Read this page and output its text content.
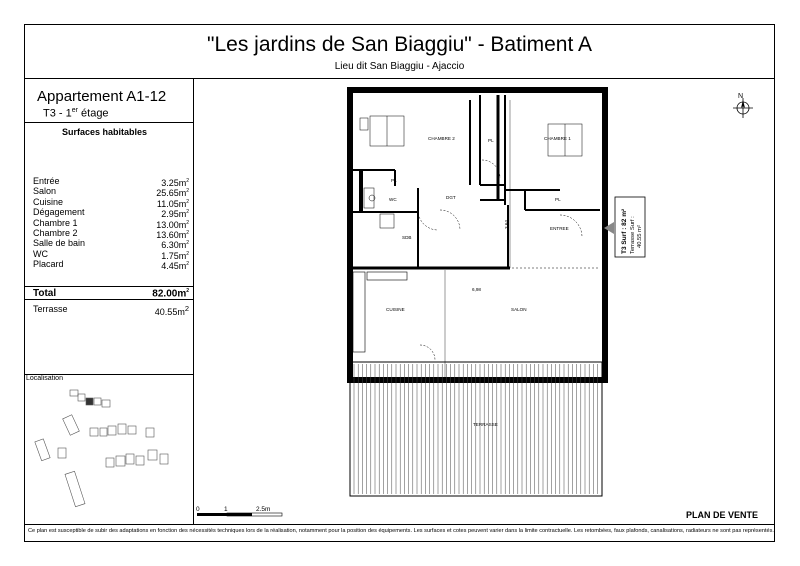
"Les jardins de San Biaggiu" - Batiment A
Lieu dit San Biaggiu - Ajaccio
Appartement A1-12
T3 - 1er étage
Surfaces habitables
Entrée	$3.25m^2$
Salon	$25.65m^2$
Cuisine	$11.05m^2$
Dégagement	$2.95m^2$
Chambre 1	$13.00m^2$
Chambre 2	$13.60m^2$
Salle de bain	$6.30m^2$
WC	$1.75m^2$
Placard	$4.45m^2$
Total	$82.00m^2$
Terrasse	$40.55m^2$
Localisation
CHAMBRE 2	CHAMBRE 1
PL
PL
PL
WC	DGT
SDB
ENTREE
CUISINE	SALON
TERRASSE
6,98
3,64	T3 Surf : 82 m² Terrasse Surf : 40.55 m²
N
0	1	2.5m
PLAN DE VENTE
Ce plan est susceptible de subir des adaptations en fonction des nécessités techniques lors de la réalisation, notamment pour la position des équipements. Les surfaces et cotes peuvent varier dans la limite contractuelle. Les retombées, faux plafonds, canalisations, radiateurs ne sont pas représentés.
